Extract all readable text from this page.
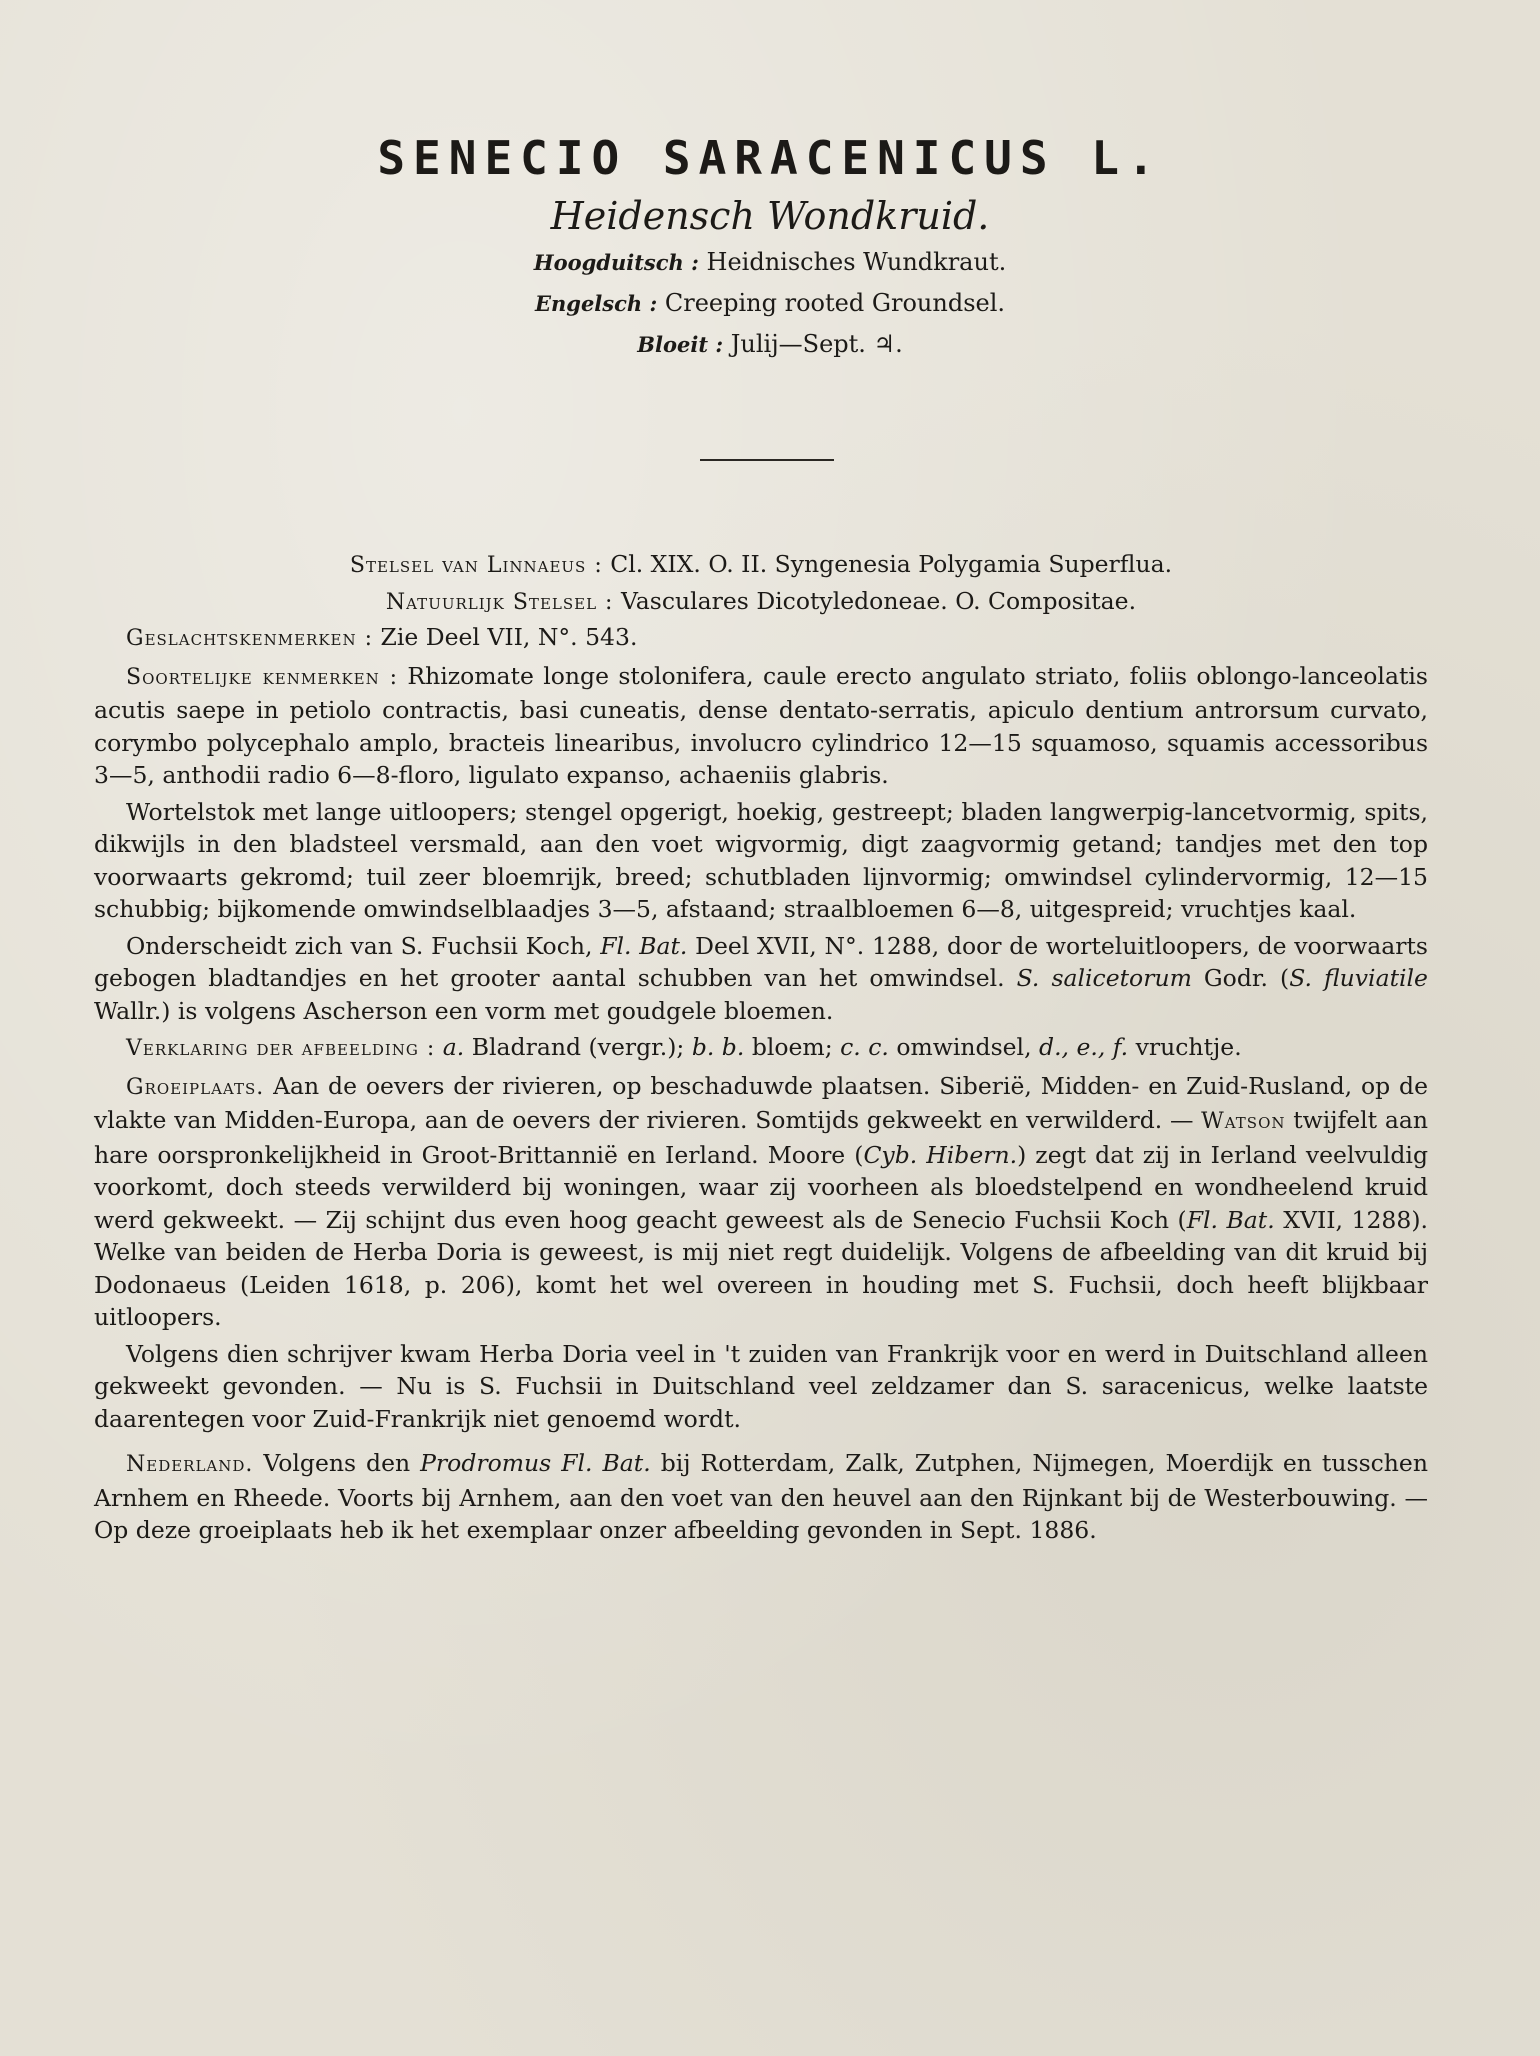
SENECIO SARACENICUS L.
Heidensch Wondkruid.
Hoogduitsch : Heidnisches Wundkraut.
Engelsch : Creeping rooted Groundsel.
Bloeit : Julij—Sept. ♃.

Stelsel van Linnaeus : Cl. XIX. O. II. Syngenesia Polygamia Superflua.

Natuurlijk Stelsel : Vasculares Dicotyledoneae. O. Compositae.

Geslachtskenmerken : Zie Deel VII, N°. 543.

Soortelijke kenmerken : Rhizomate longe stolonifera, caule erecto angulato striato, foliis oblongo-lanceolatis acutis saepe in petiolo contractis, basi cuneatis, dense dentato-serratis, apiculo dentium antrorsum curvato, corymbo polycephalo amplo, bracteis linearibus, involucro cylindrico 12—15 squamoso, squamis accessoribus 3—5, anthodii radio 6—8-floro, ligulato expanso, achaeniis glabris.

Wortelstok met lange uitloopers; stengel opgerigt, hoekig, gestreept; bladen langwerpig-lancetvormig, spits, dikwijls in den bladsteel versmald, aan den voet wigvormig, digt zaagvormig getand; tandjes met den top voorwaarts gekromd; tuil zeer bloemrijk, breed; schutbladen lijnvormig; omwindsel cylindervormig, 12—15 schubbig; bijkomende omwindselblaadjes 3—5, afstaand; straalbloemen 6—8, uitgespreid; vruchtjes kaal.

Onderscheidt zich van S. Fuchsii Koch, Fl. Bat. Deel XVII, N°. 1288, door de worteluitloopers, de voorwaarts gebogen bladtandjes en het grooter aantal schubben van het omwindsel. S. salicetorum Godr. (S. fluviatile Wallr.) is volgens Ascherson een vorm met goudgele bloemen.

Verklaring der afbeelding : a. Bladrand (vergr.); b. b. bloem; c. c. omwindsel, d., e., f. vruchtje.

Groeiplaats. Aan de oevers der rivieren, op beschaduwde plaatsen. Siberië, Midden- en Zuid-Rusland, op de vlakte van Midden-Europa, aan de oevers der rivieren. Somtijds gekweekt en verwilderd. — Watson twijfelt aan hare oorspronkelijkheid in Groot-Brittannië en Ierland. Moore (Cyb. Hibern.) zegt dat zij in Ierland veelvuldig voorkomt, doch steeds verwilderd bij woningen, waar zij voorheen als bloedstelpend en wondheelend kruid werd gekweekt. — Zij schijnt dus even hoog geacht geweest als de Senecio Fuchsii Koch (Fl. Bat. XVII, 1288). Welke van beiden de Herba Doria is geweest, is mij niet regt duidelijk. Volgens de afbeelding van dit kruid bij Dodonaeus (Leiden 1618, p. 206), komt het wel overeen in houding met S. Fuchsii, doch heeft blijkbaar uitloopers.

Volgens dien schrijver kwam Herba Doria veel in 't zuiden van Frankrijk voor en werd in Duitschland alleen gekweekt gevonden. — Nu is S. Fuchsii in Duitschland veel zeldzamer dan S. saracenicus, welke laatste daarentegen voor Zuid-Frankrijk niet genoemd wordt.

Nederland. Volgens den Prodromus Fl. Bat. bij Rotterdam, Zalk, Zutphen, Nijmegen, Moerdijk en tusschen Arnhem en Rheede. Voorts bij Arnhem, aan den voet van den heuvel aan den Rijnkant bij de Westerbouwing. — Op deze groeiplaats heb ik het exemplaar onzer afbeelding gevonden in Sept. 1886.
